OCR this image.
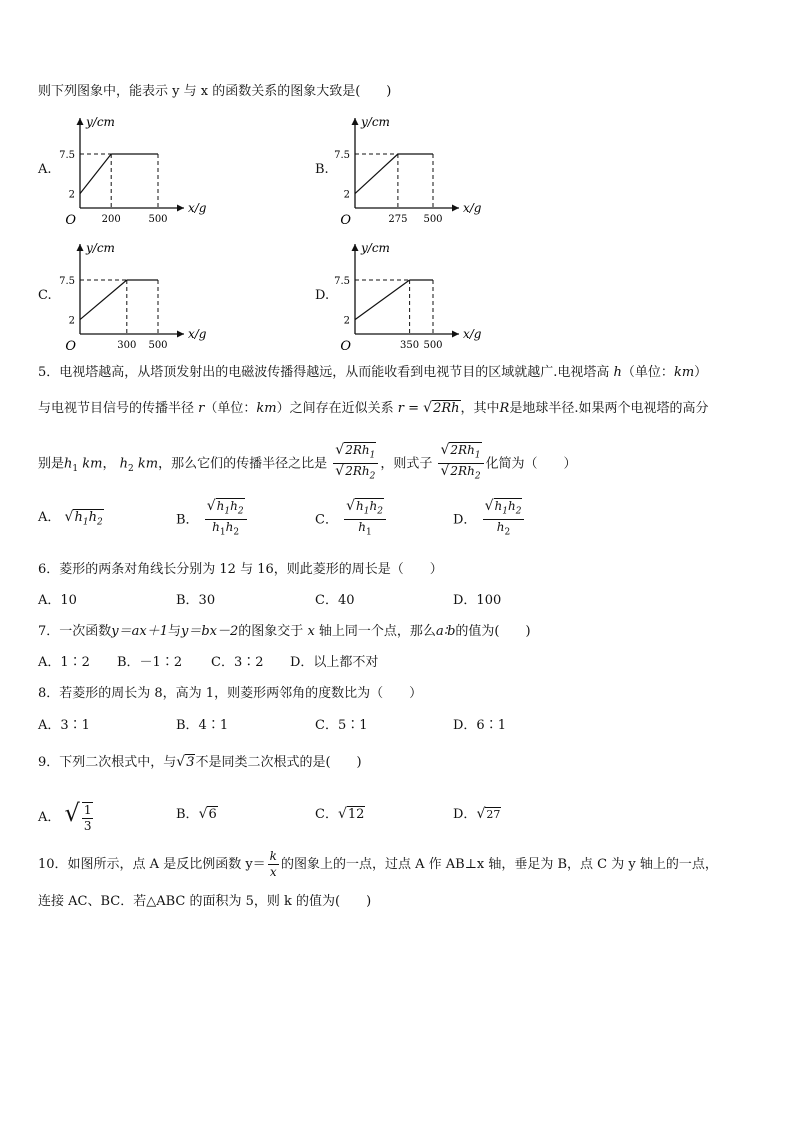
则下列图象中，能表示 y 与 x 的函数关系的图象大致是(　　)
A.	B.
C.	D.
y/cm
x/g
O
7.5
2
200	500
y/cm
x/g
O
7.5
2
275 500
y/cm
x/g
O
7.5
2
300 500
y/cm
x/g
O
7.5
2
350 500
5．电视塔越高，从塔顶发射出的电磁波传播得越远，从而能收看到电视节目的区域就越广.电视塔高 h（单位：km）
与电视节目信号的传播半径 r（单位：km）之间存在近似关系 r = √2Rh，其中R是地球半径.如果两个电视塔的高分
别是$h_1$ km， $h_2$ km，那么它们的传播半径之比是 $\frac{√2Rh_1}{√2Rh_2}$ ，则式子 $\frac{√2Rh_1}{√2Rh_2}$ 化简为（　　）
A． $√h_1h_2$	B． $\frac{√h_1h_2}{h_1h_2}$	C． $\frac{√h_1h_2}{h_1}$	D． $\frac{√h_1h_2}{h_2}$
6．菱形的两条对角线长分别为 12 与 16，则此菱形的周长是（　　）
A．10	B．30	C．40	D．100
7．一次函数y＝ax＋1与y＝bx－2的图象交于 x 轴上同一个点，那么a∶b的值为(　　)
A．1∶2 B．－1∶2 C．3∶2 D．以上都不对
8．若菱形的周长为 8，高为 1，则菱形两邻角的度数比为（　　）
A．3∶1	B．4∶1	C．5∶1	D．6∶1
9．下列二次根式中，与√3不是同类二次根式的是(　　)
A． √ $\frac{1}{3}$	B．√6	C．√12	D．√27
10．如图所示，点 A 是反比例函数 $y= \frac{k}{x}$ 的图象上的一点，过点 A 作 AB⊥x 轴，垂足为 B，点 C 为 y 轴上的一点，
连接 AC、BC．若△ABC 的面积为 5，则 k 的值为(　　)
